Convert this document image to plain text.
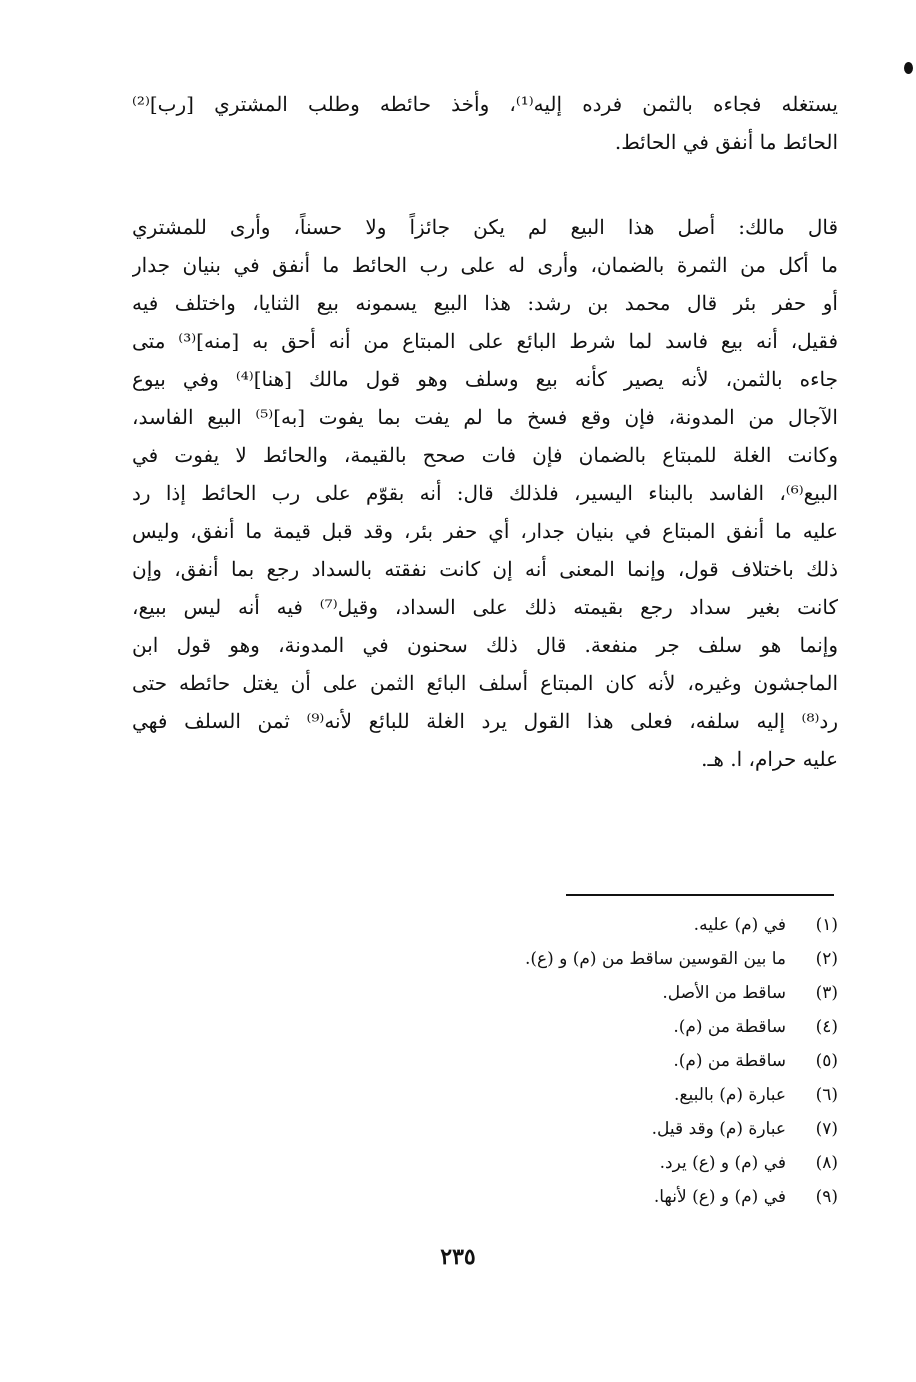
يستغله فجاءه بالثمن فرده إليه⁽¹⁾، وأخذ حائطه وطلب المشتري [رب]⁽²⁾
الحائط ما أنفق في الحائط.
قال مالك: أصل هذا البيع لم يكن جائزاً ولا حسناً، وأرى للمشتري
ما أكل من الثمرة بالضمان، وأرى له على رب الحائط ما أنفق في بنيان جدار
أو حفر بئر قال محمد بن رشد: هذا البيع يسمونه بيع الثنايا، واختلف فيه
فقيل، أنه بيع فاسد لما شرط البائع على المبتاع من أنه أحق به [منه]⁽³⁾ متى
جاءه بالثمن، لأنه يصير كأنه بيع وسلف وهو قول مالك [هنا]⁽⁴⁾ وفي بيوع
الآجال من المدونة، فإن وقع فسخ ما لم يفت بما يفوت [به]⁽⁵⁾ البيع الفاسد،
وكانت الغلة للمبتاع بالضمان فإن فات صحح بالقيمة، والحائط لا يفوت في
البيع⁽⁶⁾، الفاسد بالبناء اليسير، فلذلك قال: أنه بقوّم على رب الحائط إذا رد
عليه ما أنفق المبتاع في بنيان جدار، أي حفر بئر، وقد قبل قيمة ما أنفق، وليس
ذلك باختلاف قول، وإنما المعنى أنه إن كانت نفقته بالسداد رجع بما أنفق، وإن
كانت بغير سداد رجع بقيمته ذلك على السداد، وقيل⁽⁷⁾ فيه أنه ليس ببيع،
وإنما هو سلف جر منفعة. قال ذلك سحنون في المدونة، وهو قول ابن
الماجشون وغيره، لأنه كان المبتاع أسلف البائع الثمن على أن يغتل حائطه حتى
رد⁽⁸⁾ إليه سلفه، فعلى هذا القول يرد الغلة للبائع لأنه⁽⁹⁾ ثمن السلف فهي
عليه حرام، ا. هـ.
(١)في (م) عليه.
(٢)ما بين القوسين ساقط من (م) و (ع).
(٣)ساقط من الأصل.
(٤)ساقطة من (م).
(٥)ساقطة من (م).
(٦)عبارة (م) بالبيع.
(٧)عبارة (م) وقد قيل.
(٨)في (م) و (ع) يرد.
(٩)في (م) و (ع) لأنها.
٢٣٥
